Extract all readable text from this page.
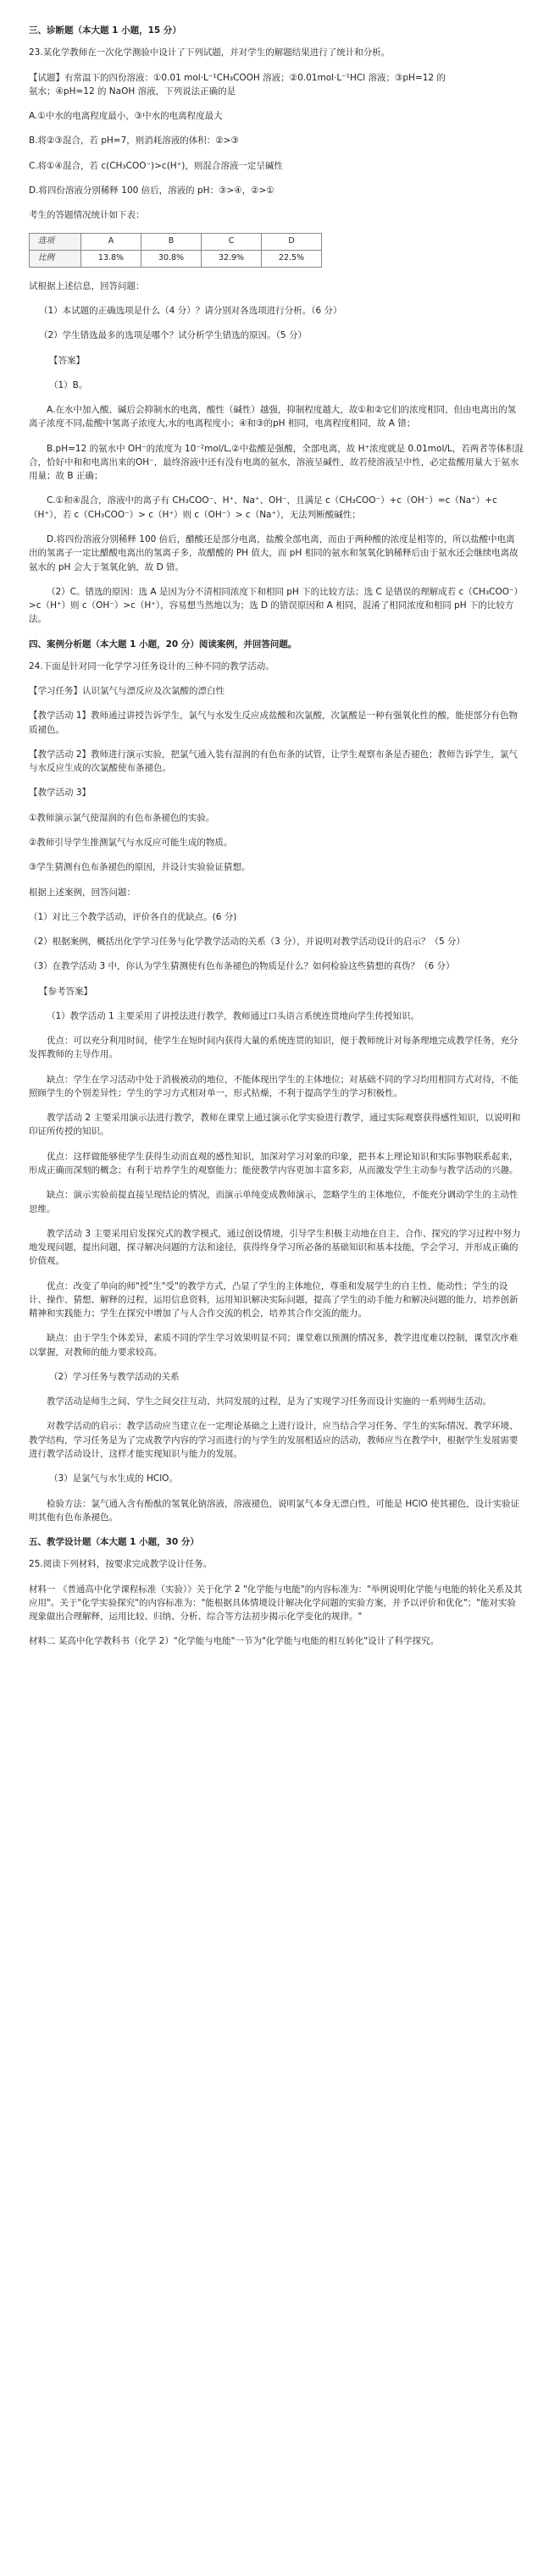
三、诊断题（本大题 1 小题，15 分）

23.某化学教师在一次化学测验中设计了下列试题，并对学生的解题结果进行了统计和分析。

【试题】有常温下的四份溶液：①0.01 mol·L⁻¹CH₃COOH 溶液；②0.01mol·L⁻¹HCl 溶液；③pH=12 的
氨水；④pH=12 的 NaOH 溶液，下列说法正确的是

A.①中水的电离程度最小，③中水的电离程度最大

B.将②③混合，若 pH=7，则消耗溶液的体积：②>③

C.将①④混合，若 c(CH₃COO⁻)>c(H⁺)，则混合溶液一定呈碱性

D.将四份溶液分别稀释 100 倍后，溶液的 pH：③>④，②>①

考生的答题情况统计如下表：

选项	A	B	C	D
比例	13.8%	30.8%	32.9%	22.5%

试根据上述信息，回答问题：

（1）本试题的正确选项是什么（4 分）？请分别对各选项进行分析。（6 分）

（2）学生错选最多的选项是哪个？试分析学生错选的原因。（5 分）

【答案】

（1）B。

A.在水中加入酸、碱后会抑制水的电离，酸性（碱性）越强，抑制程度越大，故①和②它们的浓度相同，但由电离出的氢离子浓度不同,盐酸中氢离子浓度大,水的电离程度小；④和③的pH 相同，电离程度相同，故 A 错；

B.pH=12 的氨水中 OH⁻的浓度为 10⁻²mol/L,②中盐酸是强酸，全部电离，故 H⁺浓度就是 0.01mol/L，若两者等体积混合，恰好中和和电离出来的OH⁻，最终溶液中还有没有电离的氨水，溶液呈碱性，故若使溶液呈中性，必定盐酸用量大于氨水用量；故 B 正确；

C.①和④混合，溶液中的离子有 CH₃COO⁻、H⁺、Na⁺、OH⁻，且满足 c（CH₃COO⁻）+c（OH⁻）=c（Na⁺）+c（H⁺），若 c（CH₃COO⁻）> c（H⁺）则 c（OH⁻）> c（Na⁺），无法判断酸碱性；

D.将四份溶液分别稀释 100 倍后，醋酸还是部分电离，盐酸全部电离，而由于两种酸的浓度是相等的，所以盐酸中电离出的氢离子一定比醋酸电离出的氢离子多，故醋酸的 PH 值大，而 pH 相同的氨水和氢氧化钠稀释后由于氨水还会继续电离故氨水的 pH 会大于氢氧化钠，故 D 错。

（2）C。错选的原因：选 A 是因为分不清相同浓度下和相同 pH 下的比较方法；选 C 是错误的理解成若 c（CH₃COO⁻）>c（H⁺）则 c（OH⁻）>c（H⁺），容易想当然地以为；选 D 的错误原因和 A 相同，混淆了相同浓度和相同 pH 下的比较方法。

四、案例分析题（本大题 1 小题，20 分）阅读案例，并回答问题。

24.下面是针对同一化学学习任务设计的三种不同的教学活动。

【学习任务】认识氯气与漂反应及次氯酸的漂白性

【教学活动 1】教师通过讲授告诉学生，氯气与水发生反应成盐酸和次氯酸，次氯酸是一种有强氧化性的酸，能使部分有色物质褪色。

【教学活动 2】教师进行演示实验，把氯气通入装有湿润的有色布条的试管，让学生观察布条是否褪色；教师告诉学生，氯气与水反应生成的次氯酸使布条褪色。

【教学活动 3】

①教师演示氯气使湿润的有色布条褪色的实验。

②教师引导学生推测氯气与水反应可能生成的物质。

③学生猜测有色布条褪色的原因，并设计实验验证猜想。

根据上述案例，回答问题：

（1）对比三个教学活动，评价各自的优缺点。(6 分)

（2）根据案例，概括出化学学习任务与化学教学活动的关系（3 分），并说明对教学活动设计的启示？（5 分）

（3）在教学活动 3 中，你认为学生猜测使有色布条褪色的物质是什么？如何检验这些猜想的真伪？（6 分）

【参考答案】

（1）教学活动 1 主要采用了讲授法进行教学，教师通过口头语言系统连贯地向学生传授知识。

优点：可以充分利用时间，使学生在短时间内获得大量的系统连贯的知识，便于教师统计对每条理地完成教学任务，充分发挥教师的主导作用。

缺点：学生在学习活动中处于消极被动的地位，不能体现出学生的主体地位；对基础不同的学习均用相同方式对待，不能照顾学生的个别差异性；学生的学习方式相对单一，形式枯燥，不利于提高学生的学习积极性。

教学活动 2 主要采用演示法进行教学，教师在课堂上通过演示化学实验进行教学，通过实际观察获得感性知识，以说明和印证所传授的知识。

优点：这样做能够使学生获得生动而直观的感性知识，加深对学习对象的印象，把书本上理论知识和实际事物联系起来，形成正确而深刻的概念；有利于培养学生的观察能力；能使教学内容更加丰富多彩，从而激发学生主动参与教学活动的兴趣。

缺点：演示实验前提直接呈现结论的情况，而演示单纯变成教师演示，忽略学生的主体地位，不能充分调动学生的主动性思维。

教学活动 3 主要采用启发探究式的教学模式，通过创设情境，引导学生积极主动地在自主、合作、探究的学习过程中努力地发现问题，提出问题，探寻解决问题的方法和途径，获得终身学习所必备的基础知识和基本技能，学会学习，并形成正确的价值观。

优点：改变了单向的师"授"生"受"的教学方式，凸显了学生的主体地位，尊重和发展学生的自主性、能动性；学生的设计、操作、猜想、解释的过程，运用信息资料，运用知识解决实际问题，提高了学生的动手能力和解决问题的能力，培养创新精神和实践能力；学生在探究中增加了与人合作交流的机会，培养其合作交流的能力。

缺点：由于学生个体差异，素质不同的学生学习效果明显不同；课堂难以预测的情况多，教学进度难以控制，课堂次序难以掌握，对教师的能力要求较高。

（2）学习任务与教学活动的关系

教学活动是师生之间、学生之间交往互动、共同发展的过程，是为了实现学习任务而设计实施的一系列师生活动。

对教学活动的启示：教学活动应当建立在一定理论基础之上进行设计，应当结合学习任务、学生的实际情况、教学环境、教学结构，学习任务是为了完成教学内容的学习而进行的与学生的发展相适应的活动，教师应当在教学中，根据学生发展需要进行教学活动设计，这样才能实现知识与能力的发展。

（3）是氯气与水生成的 HClO。

检验方法：氯气通入含有酚酞的氢氧化钠溶液，溶液褪色，说明氯气本身无漂白性，可能是 HClO 使其褪色，设计实验证明其他有色布条褪色。

五、教学设计题（本大题 1 小题，30 分）

25.阅读下列材料，按要求完成教学设计任务。

材料一 《普通高中化学课程标准（实验）》关于化学 2 "化学能与电能"的内容标准为："举例说明化学能与电能的转化关系及其应用"。关于"化学实验探究"的内容标准为："能根据具体情境设计解决化学问题的实验方案，并予以评价和优化"；"能对实验现象做出合理解释，运用比较、归纳、分析、综合等方法初步揭示化学变化的规律。"

材料二 某高中化学教科书（化学 2）"化学能与电能"一节为"化学能与电能的相互转化"设计了科学探究。
